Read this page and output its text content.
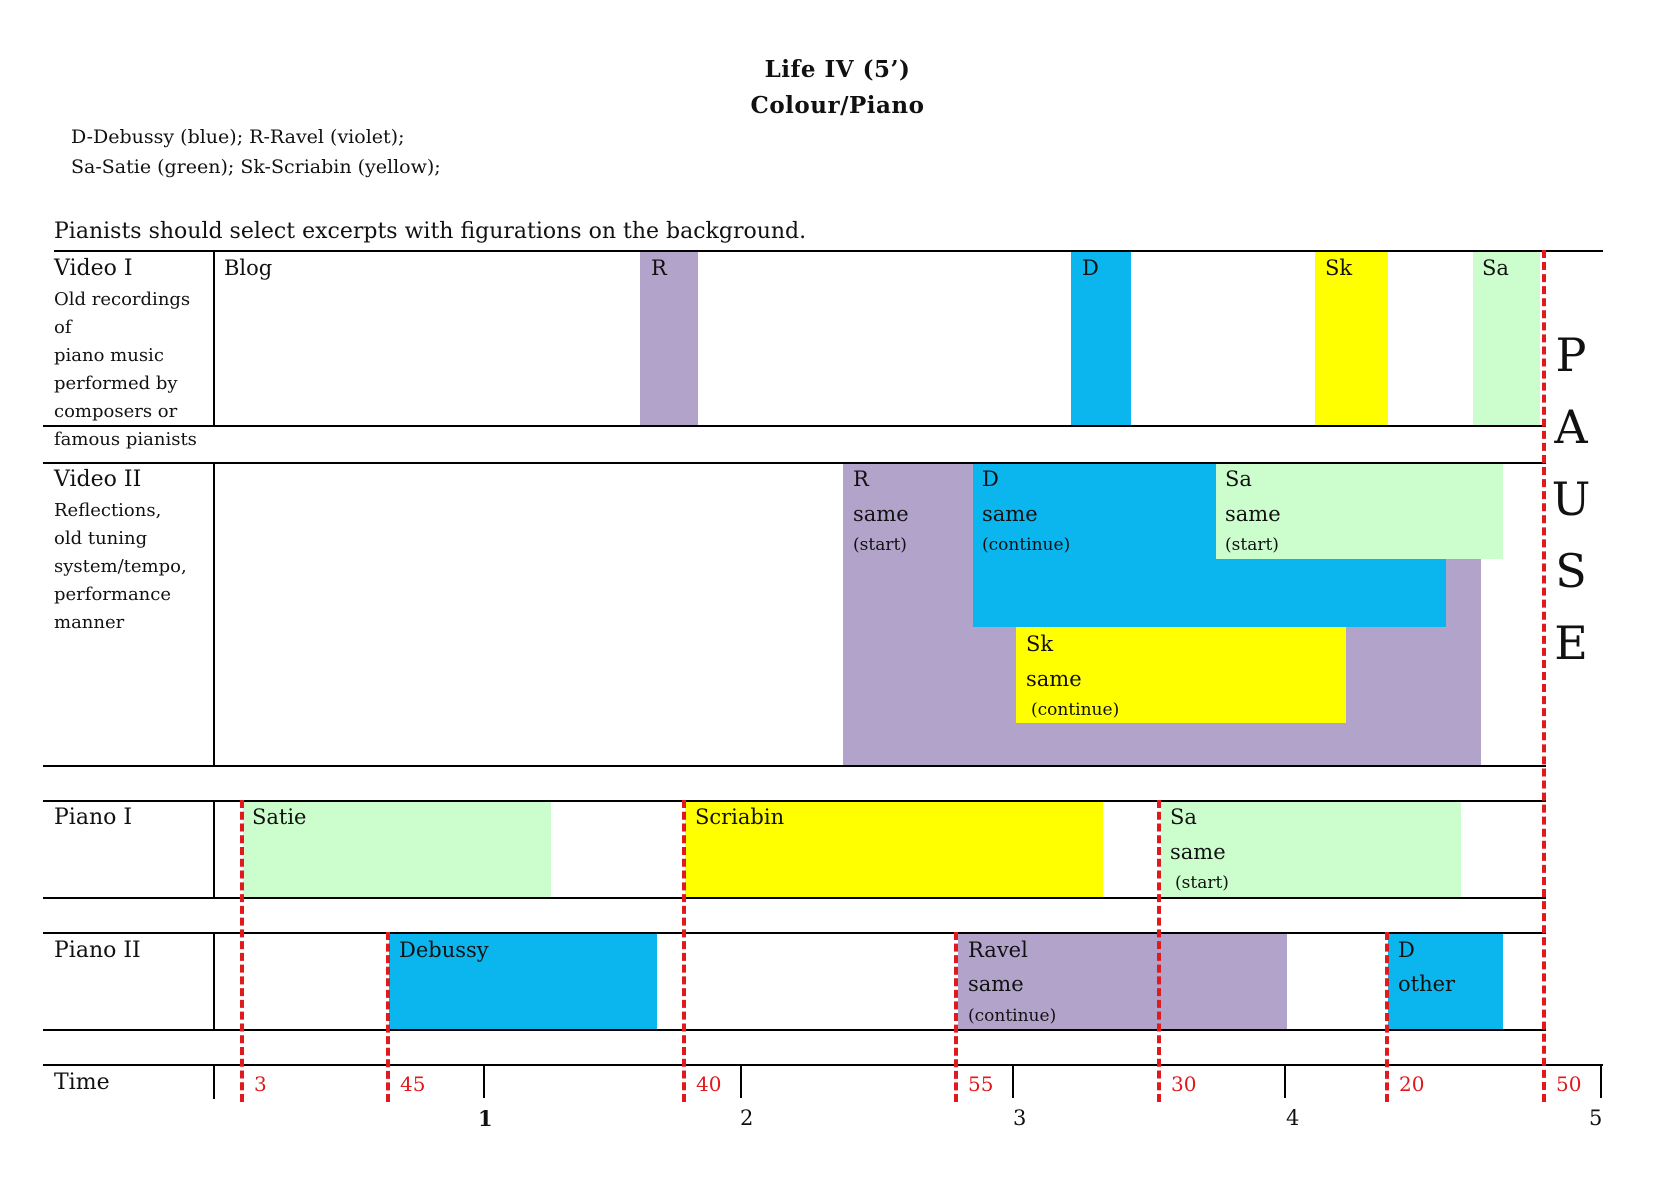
Life IV (5’)
Colour/Piano
D-Debussy (blue); R-Ravel (violet);
Sa-Satie (green); Sk-Scriabin (yellow);
Pianists should select excerpts with figurations on the background.
Video I
Old recordings of
piano music
performed by
composers or
famous pianists
Video II
Reflections,
old tuning
system/tempo,
performance
manner
Piano I
Piano II
Time
Blog	R	D	Sk	Sa
R
same
(start)
D
same
(continue)
Sa
same
(start)
Sk
same
(continue)
Satie	Scriabin	Sa
same
(start)
Debussy	Ravel
same
(continue)
D
other
3	45	40	55	30	20	50
1	2	3	4	5
P
A
U
S
E
